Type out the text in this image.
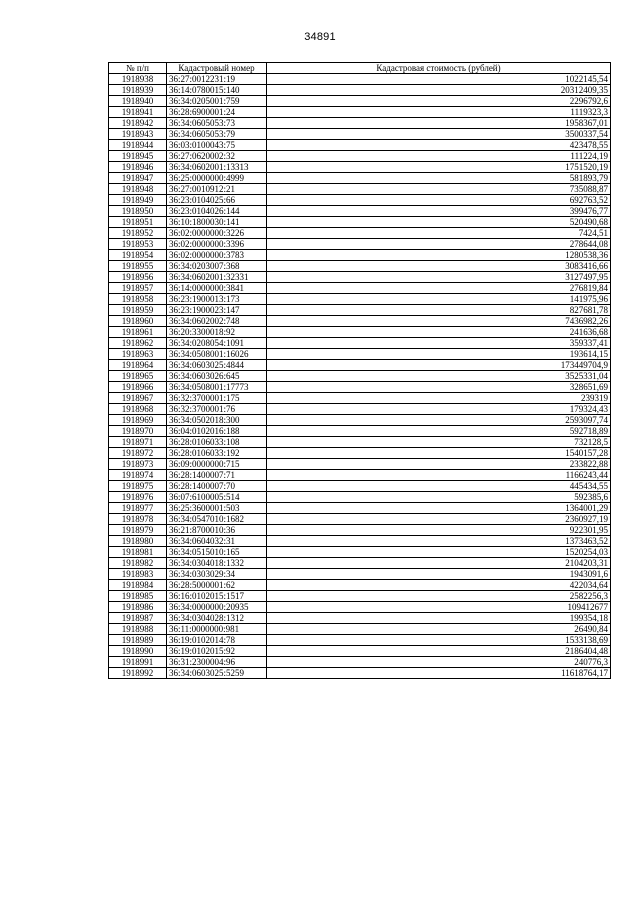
34891
№ п/п	Кадастровый номер	Кадастровая стоимость (рублей)
1918938	36:27:0012231:19	1022145,54
1918939	36:14:0780015:140	20312409,35
1918940	36:34:0205001:759	2296792,6
1918941	36:28:6900001:24	1119323,3
1918942	36:34:0605053:73	1958367,01
1918943	36:34:0605053:79	3500337,54
1918944	36:03:0100043:75	423478,55
1918945	36:27:0620002:32	111224,19
1918946	36:34:0602001:13313	1751520,19
1918947	36:25:0000000:4999	581893,79
1918948	36:27:0010912:21	735088,87
1918949	36:23:0104025:66	692763,52
1918950	36:23:0104026:144	399476,77
1918951	36:10:1800030:141	520490,68
1918952	36:02:0000000:3226	7424,51
1918953	36:02:0000000:3396	278644,08
1918954	36:02:0000000:3783	1280538,36
1918955	36:34:0203007:368	3083416,66
1918956	36:34:0602001:32331	3127497,95
1918957	36:14:0000000:3841	276819,84
1918958	36:23:1900013:173	141975,96
1918959	36:23:1900023:147	827681,78
1918960	36:34:0602002:748	7436982,26
1918961	36:20:3300018:92	241636,68
1918962	36:34:0208054:1091	359337,41
1918963	36:34:0508001:16026	193614,15
1918964	36:34:0603025:4844	173449704,9
1918965	36:34:0603026:645	3525331,04
1918966	36:34:0508001:17773	328651,69
1918967	36:32:3700001:175	239319
1918968	36:32:3700001:76	179324,43
1918969	36:34:0502018:300	2593097,74
1918970	36:04:0102016:188	592718,89
1918971	36:28:0106033:108	732128,5
1918972	36:28:0106033:192	1540157,28
1918973	36:09:0000000:715	233822,88
1918974	36:28:1400007:71	1166243,44
1918975	36:28:1400007:70	445434,55
1918976	36:07:6100005:514	592385,6
1918977	36:25:3600001:503	1364001,29
1918978	36:34:0547010:1682	2360927,19
1918979	36:21:8700010:36	922301,95
1918980	36:34:0604032:31	1373463,52
1918981	36:34:0515010:165	1520254,03
1918982	36:34:0304018:1332	2104203,31
1918983	36:34:0303029:34	1943091,6
1918984	36:28:5000001:62	422034,64
1918985	36:16:0102015:1517	2582256,3
1918986	36:34:0000000:20935	109412677
1918987	36:34:0304028:1312	199354,18
1918988	36:11:0000000:981	26490,84
1918989	36:19:0102014:78	1533138,69
1918990	36:19:0102015:92	2186404,48
1918991	36:31:2300004:96	240776,3
1918992	36:34:0603025:5259	11618764,17
